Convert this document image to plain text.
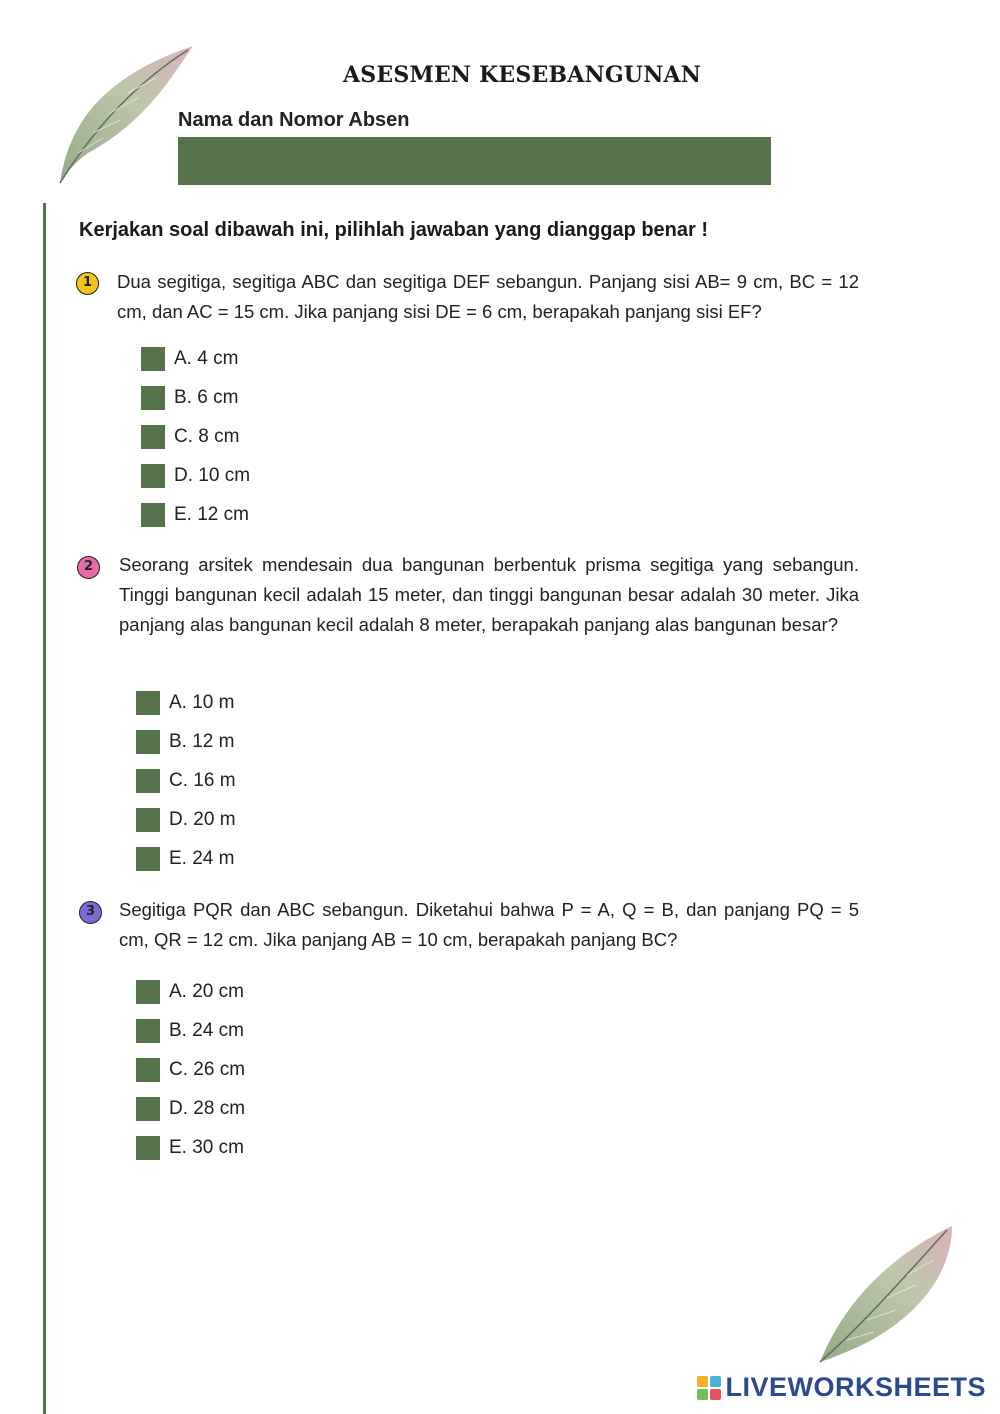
ASESMEN KESEBANGUNAN
Nama dan Nomor Absen
Kerjakan soal dibawah ini, pilihlah jawaban yang dianggap benar !
1	Dua segitiga, segitiga ABC dan segitiga DEF sebangun. Panjang sisi AB= 9 cm, BC = 12 cm, dan AC = 15 cm. Jika panjang sisi DE = 6 cm, berapakah panjang sisi EF?
A. 4 cm
B. 6 cm
C. 8 cm
D. 10 cm
E. 12 cm
2	Seorang arsitek mendesain dua bangunan berbentuk prisma segitiga yang sebangun. Tinggi bangunan kecil adalah 15 meter, dan tinggi bangunan besar adalah 30 meter. Jika panjang alas bangunan kecil adalah 8 meter, berapakah panjang alas bangunan besar?
A. 10 m
B. 12 m
C. 16 m
D. 20 m
E. 24 m
3	Segitiga PQR dan ABC sebangun. Diketahui bahwa P = A, Q = B, dan panjang PQ = 5 cm, QR = 12 cm. Jika panjang AB = 10 cm, berapakah panjang BC?
A. 20 cm
B. 24 cm
C. 26 cm
D. 28 cm
E. 30 cm
LIVEWORKSHEETS
